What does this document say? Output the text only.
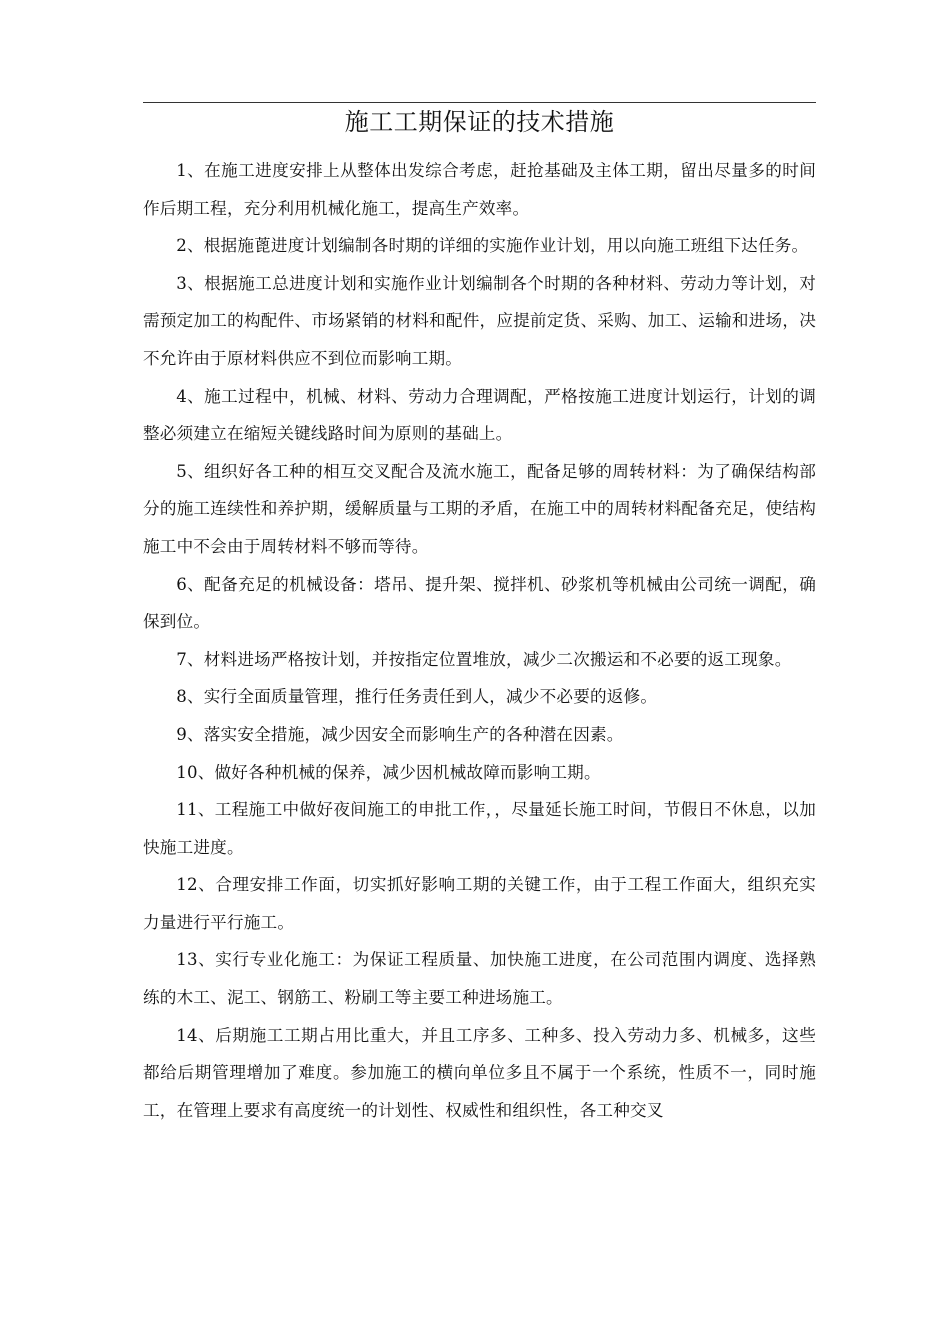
施工工期保证的技术措施

1、在施工进度安排上从整体出发综合考虑，赶抢基础及主体工期，留出尽量多的时间作后期工程，充分利用机械化施工，提高生产效率。

2、根据施蓖进度计划编制各时期的详细的实施作业计划，用以向施工班组下达任务。

3、根据施工总进度计划和实施作业计划编制各个时期的各种材料、劳动力等计划，对需预定加工的构配件、市场紧销的材料和配件，应提前定货、采购、加工、运输和进场，决不允许由于原材料供应不到位而影响工期。

4、施工过程中，机械、材料、劳动力合理调配，严格按施工进度计划运行，计划的调整必须建立在缩短关键线路时间为原则的基础上。

5、组织好各工种的相互交叉配合及流水施工，配备足够的周转材料：为了确保结构部分的施工连续性和养护期，缓解质量与工期的矛盾，在施工中的周转材料配备充足，使结构施工中不会由于周转材料不够而等待。

6、配备充足的机械设备：塔吊、提升架、搅拌机、砂浆机等机械由公司统一调配，确保到位。

7、材料进场严格按计划，并按指定位置堆放，减少二次搬运和不必要的返工现象。

8、实行全面质量管理，推行任务责任到人，减少不必要的返修。

9、落实安全措施，减少因安全而影响生产的各种潜在因素。

10、做好各种机械的保养，减少因机械故障而影响工期。

11、工程施工中做好夜间施工的申批工作，，尽量延长施工时间，节假日不休息，以加快施工进度。

12、合理安排工作面，切实抓好影响工期的关键工作，由于工程工作面大，组织充实力量进行平行施工。

13、实行专业化施工：为保证工程质量、加快施工进度，在公司范围内调度、选择熟练的木工、泥工、钢筋工、粉刷工等主要工种进场施工。

14、后期施工工期占用比重大，并且工序多、工种多、投入劳动力多、机械多，这些都给后期管理增加了难度。参加施工的横向单位多且不属于一个系统，性质不一，同时施工，在管理上要求有高度统一的计划性、权威性和组织性，各工种交叉
